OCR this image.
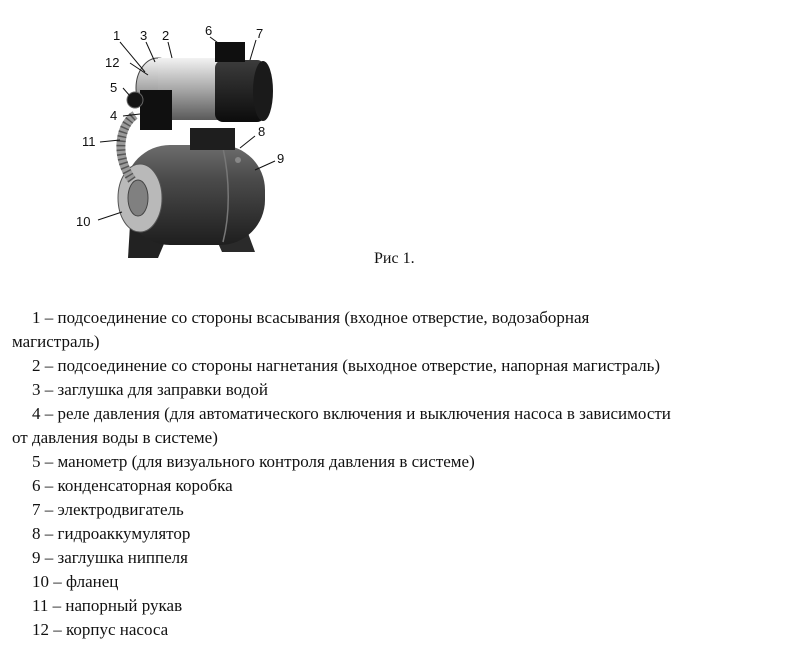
1 3 2	6	7
12
5
4
11
8
9
10
Рис 1.
1 – подсоединение со стороны всасывания (входное отверстие, водозаборная
магистраль)
2 – подсоединение со стороны нагнетания (выходное отверстие, напорная магистраль)
3 – заглушка для заправки водой
4 – реле давления (для автоматического включения и выключения насоса в зависимости
от давления воды в системе)
5 – манометр (для визуального контроля давления в системе)
6 – конденсаторная коробка
7 – электродвигатель
8 – гидроаккумулятор
9 – заглушка ниппеля
10 – фланец
11 – напорный рукав
12 – корпус насоса
